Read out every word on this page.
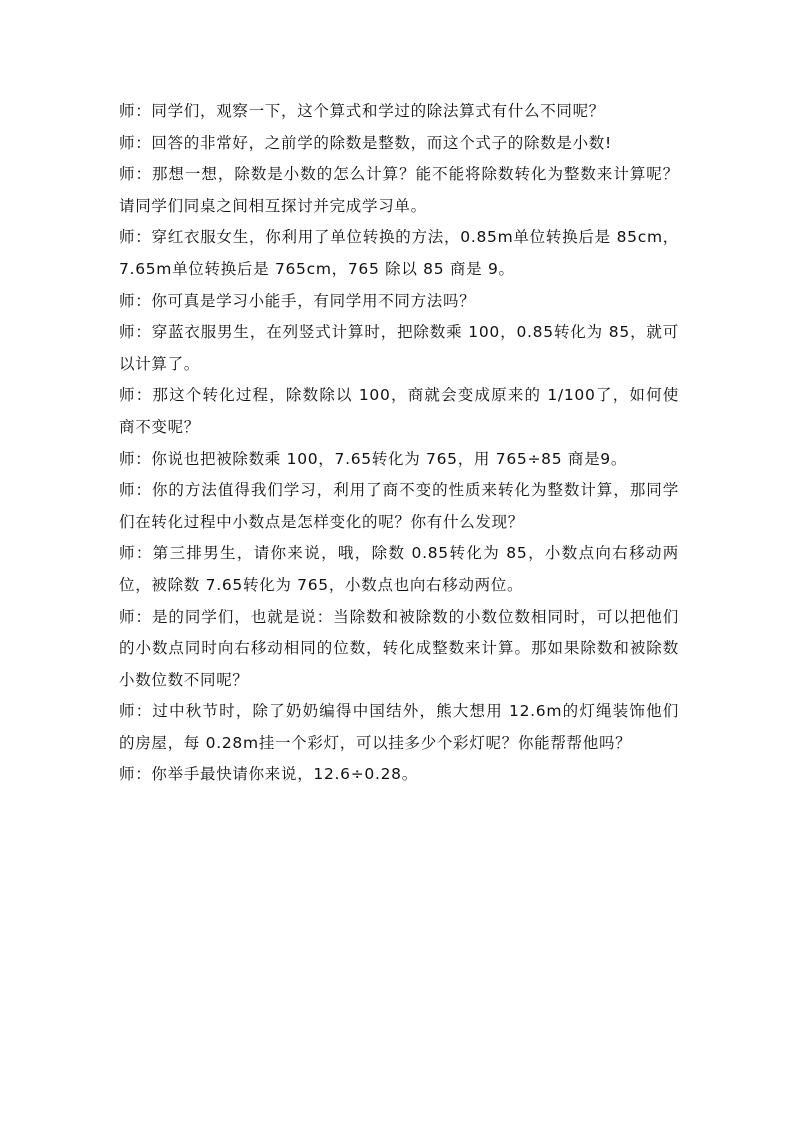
师：同学们，观察一下，这个算式和学过的除法算式有什么不同呢？

师：回答的非常好，之前学的除数是整数，而这个式子的除数是小数!

师：那想一想，除数是小数的怎么计算？能不能将除数转化为整数来计算呢？请同学们同桌之间相互探讨并完成学习单。

师：穿红衣服女生，你利用了单位转换的方法，0.85m单位转换后是 85cm，7.65m单位转换后是 765cm，765 除以 85 商是 9。

师：你可真是学习小能手，有同学用不同方法吗？

师：穿蓝衣服男生，在列竖式计算时，把除数乘 100，0.85转化为 85，就可以计算了。

师：那这个转化过程，除数除以 100，商就会变成原来的 1/100了，如何使商不变呢？

师：你说也把被除数乘 100，7.65转化为 765，用 765÷85 商是9。

师：你的方法值得我们学习，利用了商不变的性质来转化为整数计算，那同学们在转化过程中小数点是怎样变化的呢？你有什么发现？

师：第三排男生，请你来说，哦，除数 0.85转化为 85，小数点向右移动两位，被除数 7.65转化为 765，小数点也向右移动两位。

师：是的同学们，也就是说：当除数和被除数的小数位数相同时，可以把他们的小数点同时向右移动相同的位数，转化成整数来计算。那如果除数和被除数小数位数不同呢？

师：过中秋节时，除了奶奶编得中国结外，熊大想用 12.6m的灯绳装饰他们的房屋，每 0.28m挂一个彩灯，可以挂多少个彩灯呢？你能帮帮他吗？

师：你举手最快请你来说，12.6÷0.28。
